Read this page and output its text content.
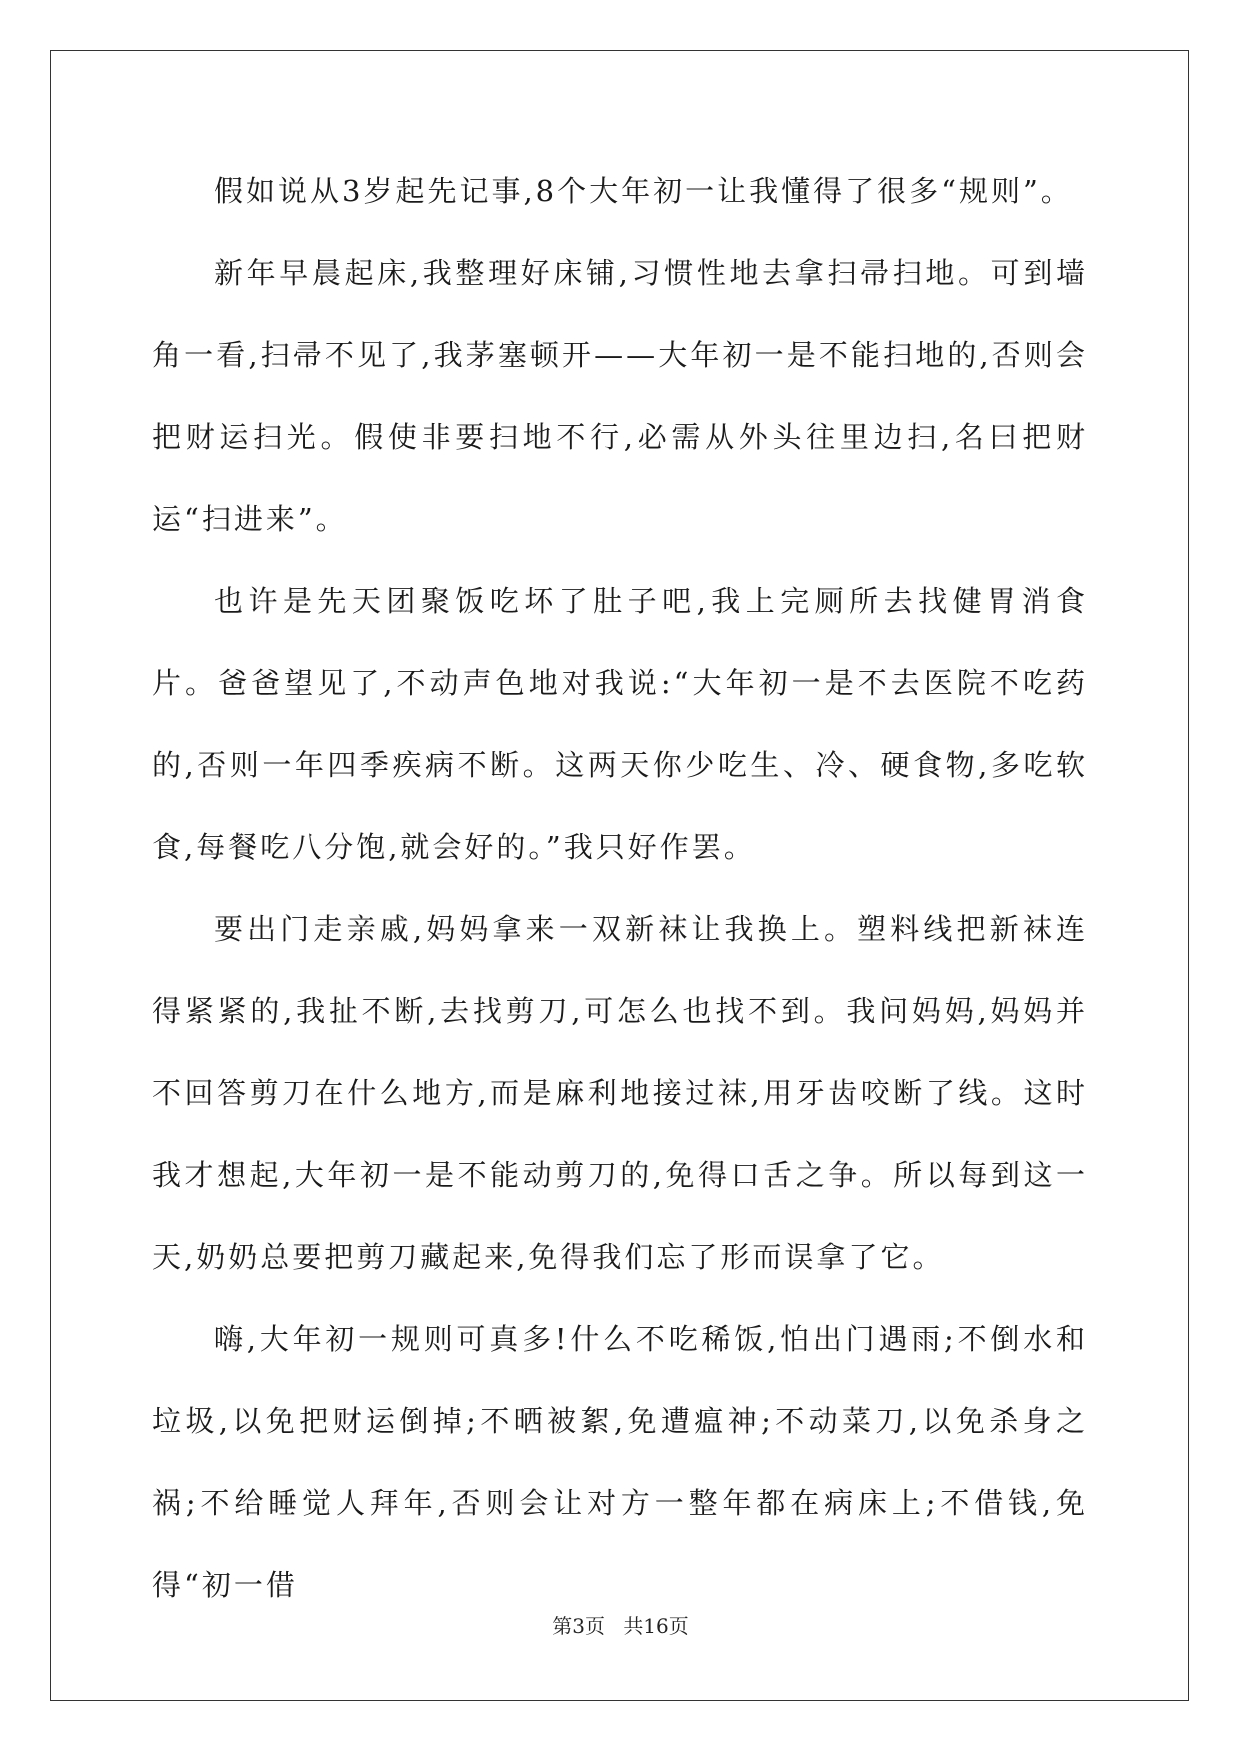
假如说从3岁起先记事,8个大年初一让我懂得了很多“规则”。

新年早晨起床,我整理好床铺,习惯性地去拿扫帚扫地。可到墙角一看,扫帚不见了,我茅塞顿开——大年初一是不能扫地的,否则会把财运扫光。假使非要扫地不行,必需从外头往里边扫,名曰把财运“扫进来”。

也许是先天团聚饭吃坏了肚子吧,我上完厕所去找健胃消食片。爸爸望见了,不动声色地对我说:“大年初一是不去医院不吃药的,否则一年四季疾病不断。这两天你少吃生、冷、硬食物,多吃软食,每餐吃八分饱,就会好的。”我只好作罢。

要出门走亲戚,妈妈拿来一双新袜让我换上。塑料线把新袜连得紧紧的,我扯不断,去找剪刀,可怎么也找不到。我问妈妈,妈妈并不回答剪刀在什么地方,而是麻利地接过袜,用牙齿咬断了线。这时我才想起,大年初一是不能动剪刀的,免得口舌之争。所以每到这一天,奶奶总要把剪刀藏起来,免得我们忘了形而误拿了它。

嗨,大年初一规则可真多!什么不吃稀饭,怕出门遇雨;不倒水和垃圾,以免把财运倒掉;不晒被絮,免遭瘟神;不动菜刀,以免杀身之祸;不给睡觉人拜年,否则会让对方一整年都在病床上;不借钱,免得“初一借

第3页 共16页
